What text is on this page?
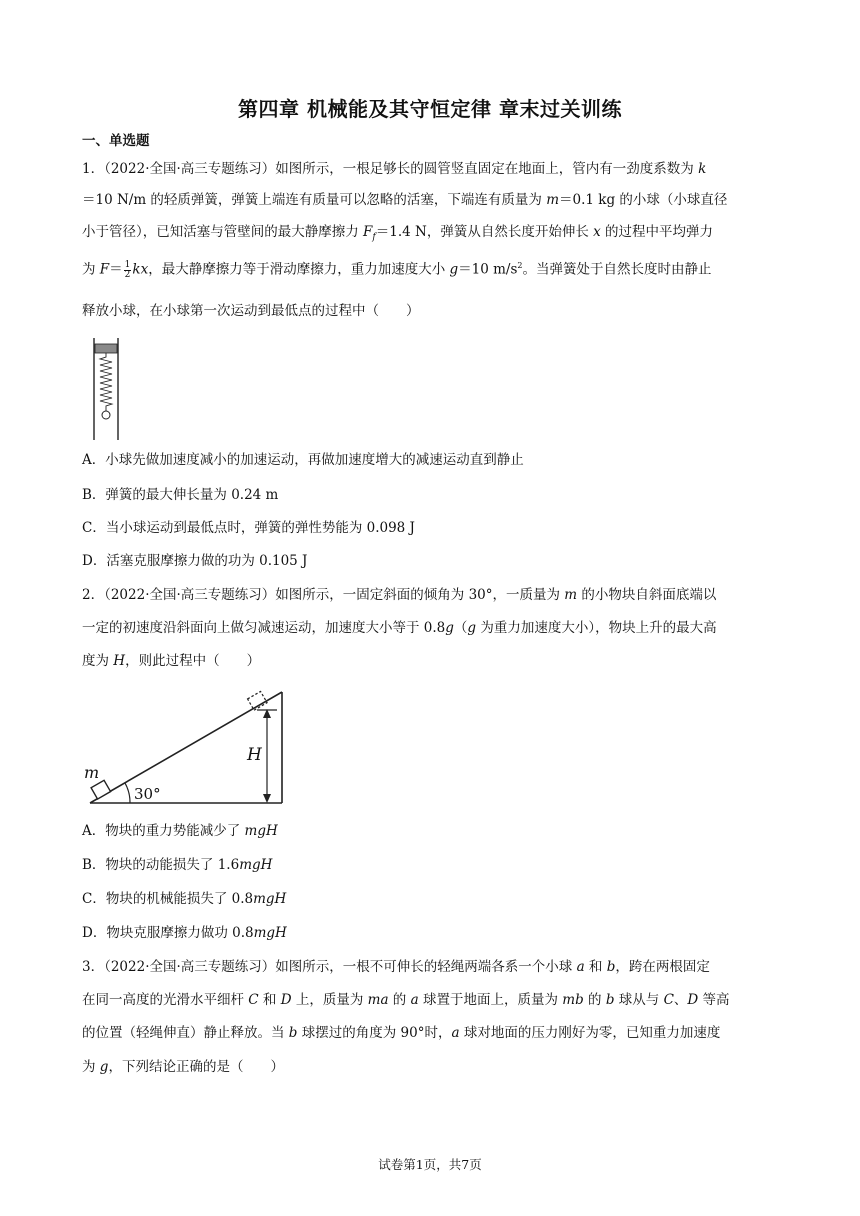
第四章 机械能及其守恒定律 章末过关训练
一、单选题
1．（2022·全国·高三专题练习）如图所示，一根足够长的圆管竖直固定在地面上，管内有一劲度系数为 k
＝10 N/m 的轻质弹簧，弹簧上端连有质量可以忽略的活塞，下端连有质量为 m＝0.1 kg 的小球（小球直径
小于管径），已知活塞与管壁间的最大静摩擦力 $F_f=1.4$ N，弹簧从自然长度开始伸长 x 的过程中平均弹力
为 $F= \frac{1}{2}$ kx，最大静摩擦力等于滑动摩擦力，重力加速度大小 g＝10 $m/s^2$。当弹簧处于自然长度时由静止
释放小球，在小球第一次运动到最低点的过程中（　　）
A．小球先做加速度减小的加速运动，再做加速度增大的减速运动直到静止
B．弹簧的最大伸长量为 0.24 m
C．当小球运动到最低点时，弹簧的弹性势能为 0.098 J
D．活塞克服摩擦力做的功为 0.105 J
2．（2022·全国·高三专题练习）如图所示，一固定斜面的倾角为 30°，一质量为 m 的小物块自斜面底端以
一定的初速度沿斜面向上做匀减速运动，加速度大小等于 0.8g（g 为重力加速度大小），物块上升的最大高
度为 H，则此过程中（　　）
m
30°
H
A．物块的重力势能减少了 mgH
B．物块的动能损失了 1.6mgH
C．物块的机械能损失了 0.8mgH
D．物块克服摩擦力做功 0.8mgH
3．（2022·全国·高三专题练习）如图所示，一根不可伸长的轻绳两端各系一个小球 a 和 b，跨在两根固定
在同一高度的光滑水平细杆 C 和 D 上，质量为 ma 的 a 球置于地面上，质量为 mb 的 b 球从与 C、D 等高
的位置（轻绳伸直）静止释放。当 b 球摆过的角度为 90°时，a 球对地面的压力刚好为零，已知重力加速度
为 g，下列结论正确的是（　　）
试卷第1页，共7页
